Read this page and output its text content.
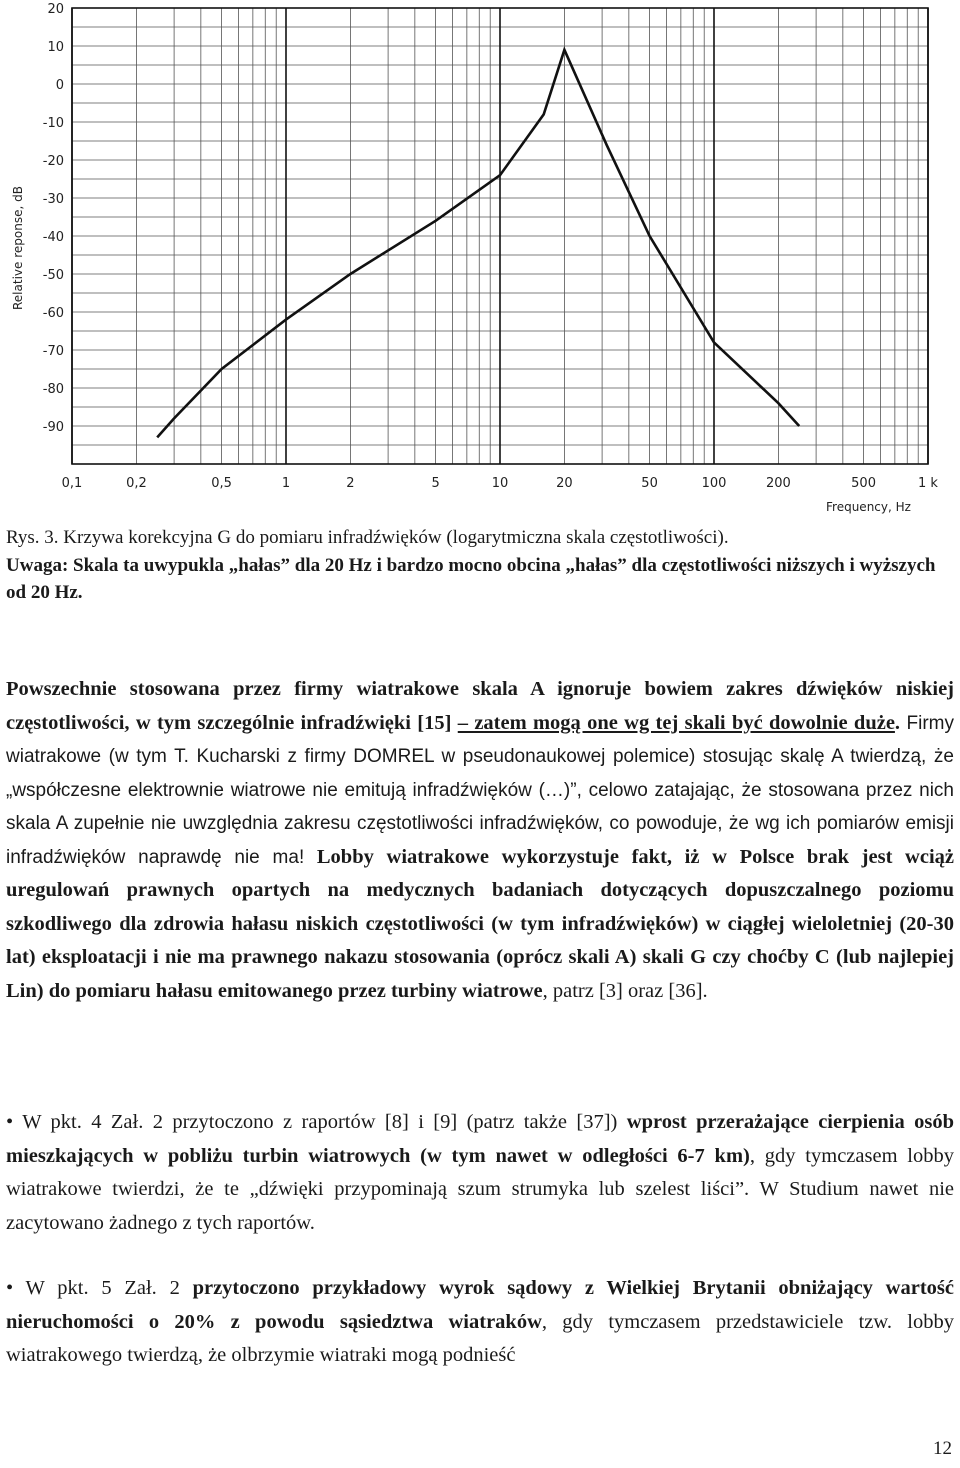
20
10
0
-10
-20
-30
-40
-50
-60
-70
-80
-90
0,1	0,2	0,5	1	2	5	10	20	50	100	200	500	1 k
Relative reponse, dB
Frequency, Hz
Rys. 3. Krzywa korekcyjna G do pomiaru infradźwięków (logarytmiczna skala częstotliwości).
Uwaga: Skala ta uwypukla „hałas” dla 20 Hz i bardzo mocno obcina „hałas” dla częstotliwości niższych i wyższych od 20 Hz.
Powszechnie stosowana przez firmy wiatrakowe skala A ignoruje bowiem zakres dźwięków niskiej częstotliwości, w tym szczególnie infradźwięki [15] – zatem mogą one wg tej skali być dowolnie duże. Firmy wiatrakowe (w tym T. Kucharski z firmy DOMREL w pseudonaukowej polemice) stosując skalę A twierdzą, że „współczesne elektrownie wiatrowe nie emitują infradźwięków (…)”, celowo zatajając, że stosowana przez nich skala A zupełnie nie uwzględnia zakresu częstotliwości infradźwięków, co powoduje, że wg ich pomiarów emisji infradźwięków naprawdę nie ma! Lobby wiatrakowe wykorzystuje fakt, iż w Polsce brak jest wciąż uregulowań prawnych opartych na medycznych badaniach dotyczących dopuszczalnego poziomu szkodliwego dla zdrowia hałasu niskich częstotliwości (w tym infradźwięków) w ciągłej wieloletniej (20-30 lat) eksploatacji i nie ma prawnego nakazu stosowania (oprócz skali A) skali G czy choćby C (lub najlepiej Lin) do pomiaru hałasu emitowanego przez turbiny wiatrowe, patrz [3] oraz [36].
• W pkt. 4 Zał. 2 przytoczono z raportów [8] i [9] (patrz także [37]) wprost przerażające cierpienia osób mieszkających w pobliżu turbin wiatrowych (w tym nawet w odległości 6-7 km), gdy tymczasem lobby wiatrakowe twierdzi, że te „dźwięki przypominają szum strumyka lub szelest liści”. W Studium nawet nie zacytowano żadnego z tych raportów.
• W pkt. 5 Zał. 2 przytoczono przykładowy wyrok sądowy z Wielkiej Brytanii obniżający wartość nieruchomości o 20% z powodu sąsiedztwa wiatraków, gdy tymczasem przedstawiciele tzw. lobby wiatrakowego twierdzą, że olbrzymie wiatraki mogą podnieść
12
